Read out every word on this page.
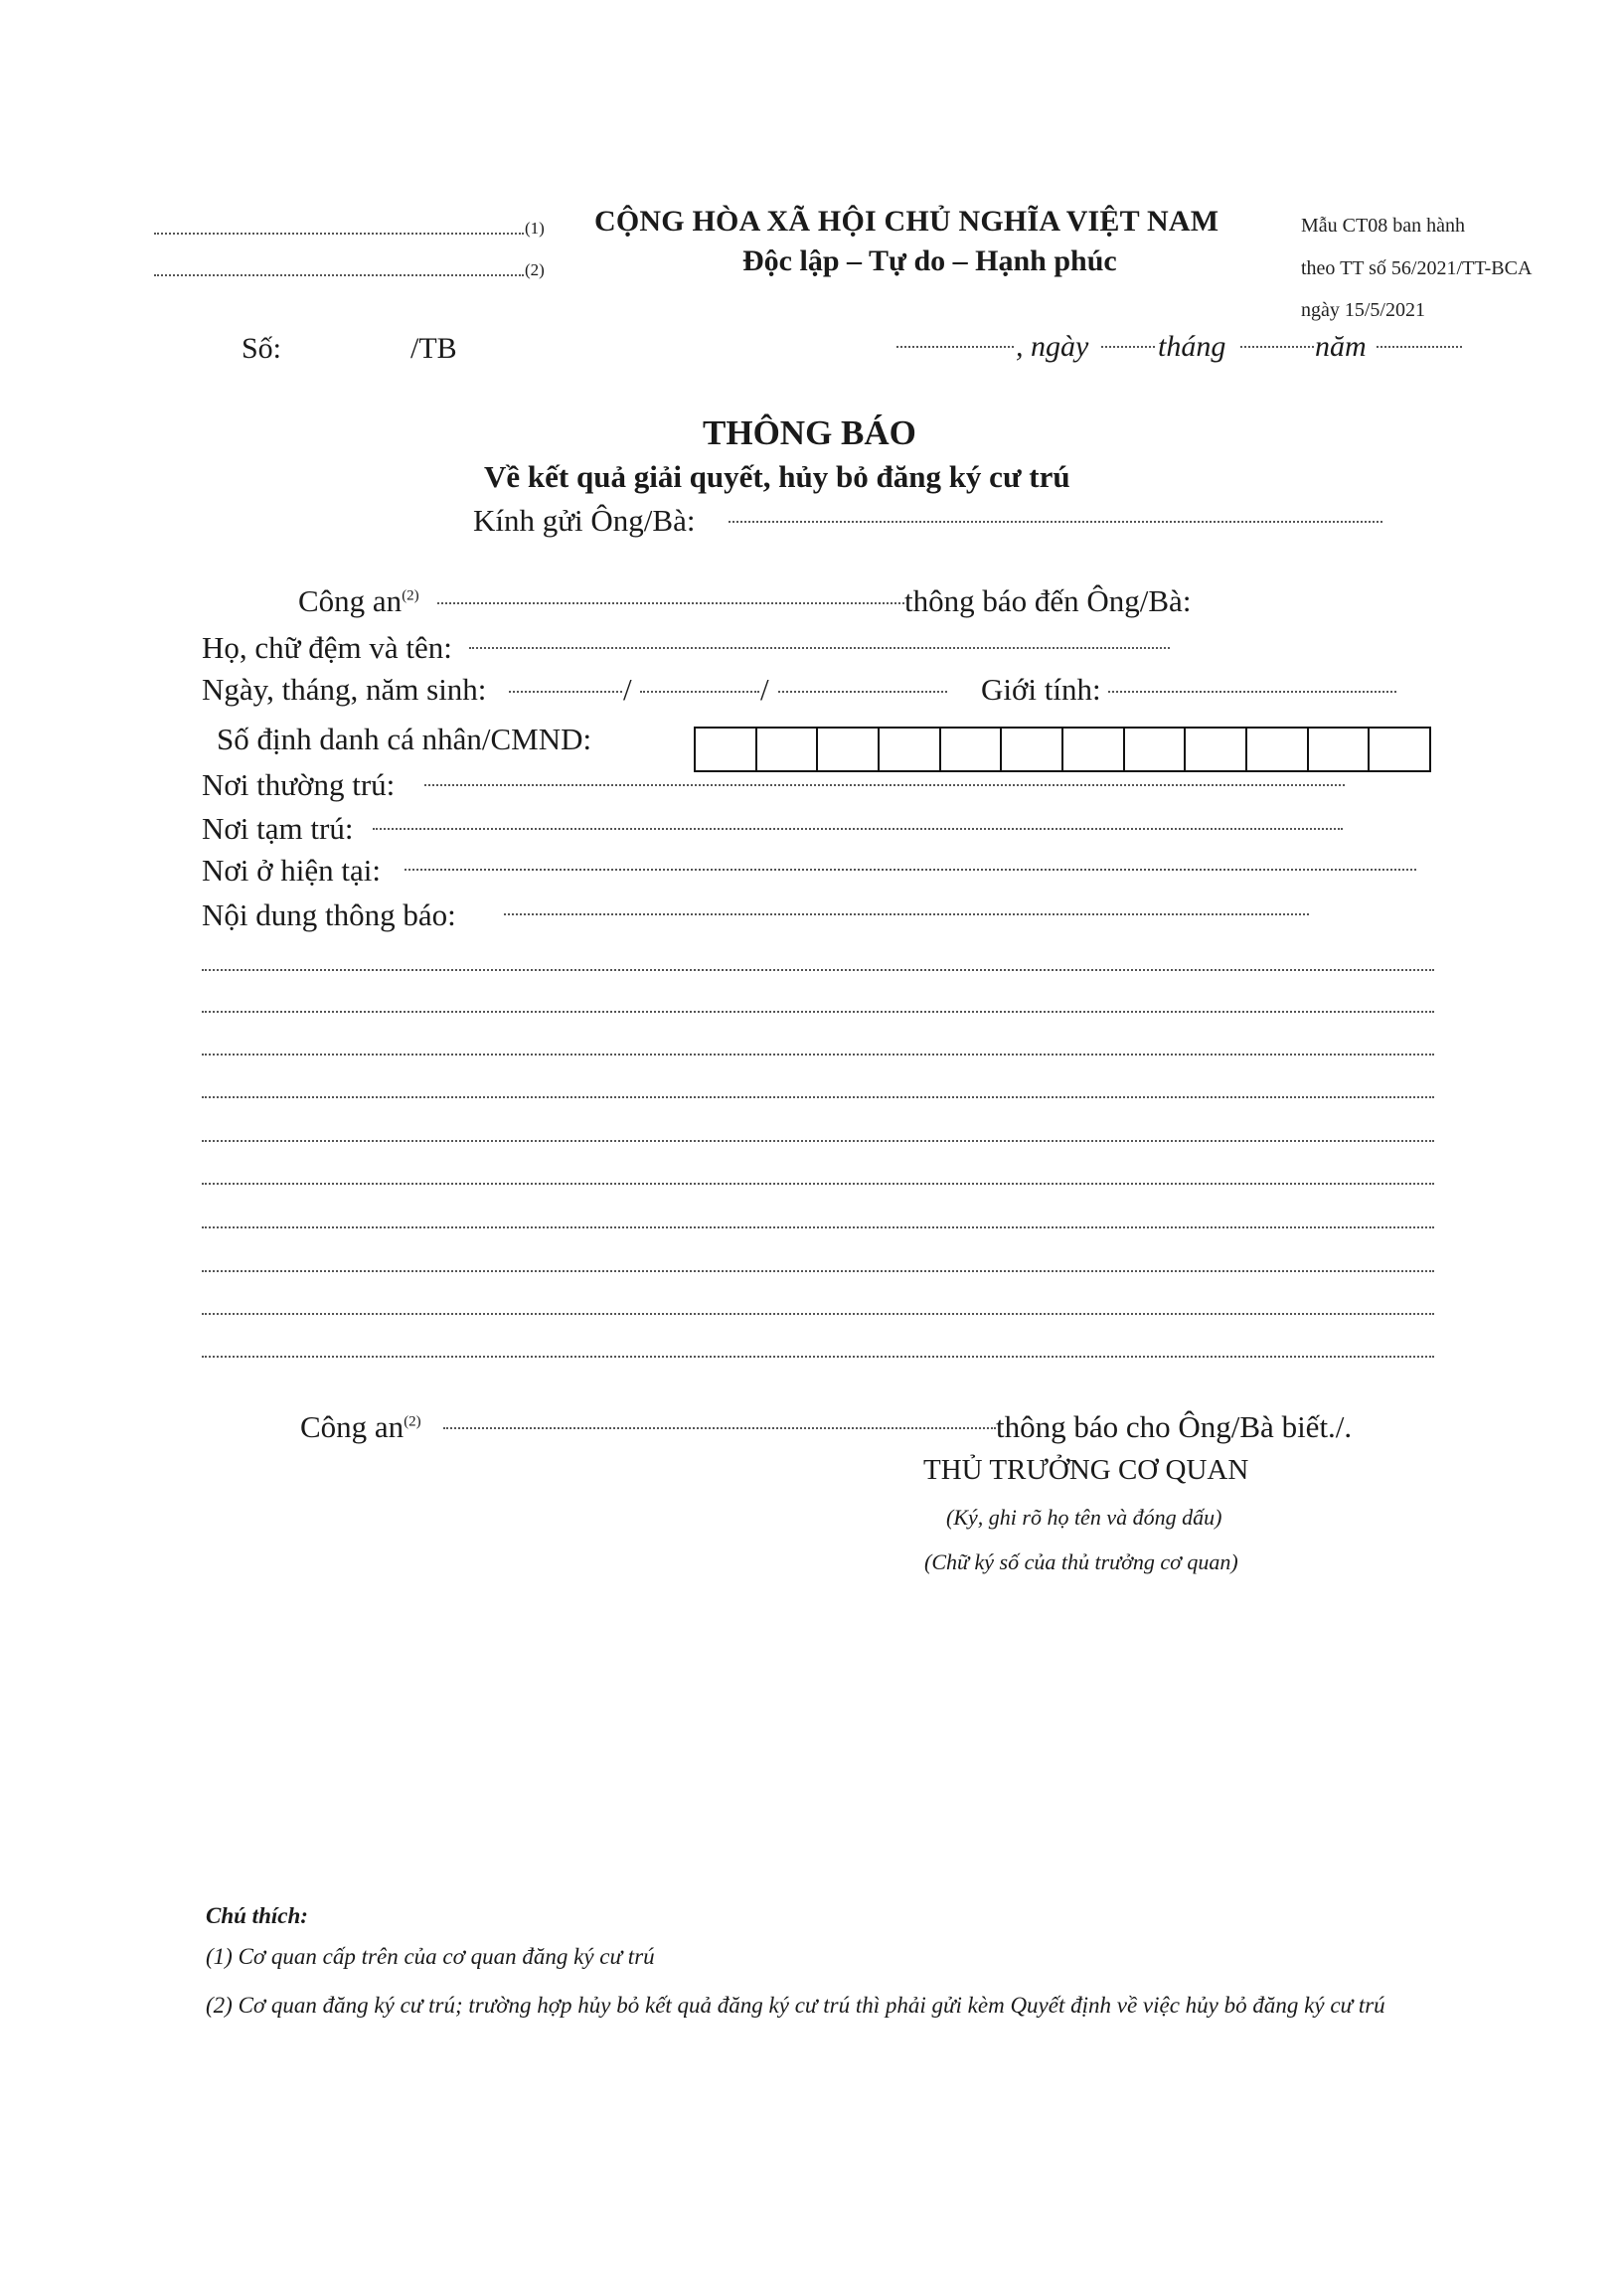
(1)
(2)
CỘNG HÒA XÃ HỘI CHỦ NGHĨA VIỆT NAM
Độc lập – Tự do – Hạnh phúc
Mẫu CT08 ban hành
theo TT số 56/2021/TT-BCA
ngày 15/5/2021
Số:	/TB	, ngày tháng	năm
THÔNG BÁO
Về kết quả giải quyết, hủy bỏ đăng ký cư trú
Kính gửi Ông/Bà:
Công $an^{(2)}$	thông báo đến Ông/Bà:
Họ, chữ đệm và tên:
Ngày, tháng, năm sinh:	/	/	Giới tính:
Số định danh cá nhân/CMND:
Nơi thường trú:
Nơi tạm trú:
Nơi ở hiện tại:
Nội dung thông báo:
Công $an^{(2)}$	thông báo cho Ông/Bà biết./.
THỦ TRƯỞNG CƠ QUAN
(Ký, ghi rõ họ tên và đóng dấu)
(Chữ ký số của thủ trưởng cơ quan)
Chú thích:
(1) Cơ quan cấp trên của cơ quan đăng ký cư trú
(2) Cơ quan đăng ký cư trú; trường hợp hủy bỏ kết quả đăng ký cư trú thì phải gửi kèm Quyết định về việc hủy bỏ đăng ký cư trú
